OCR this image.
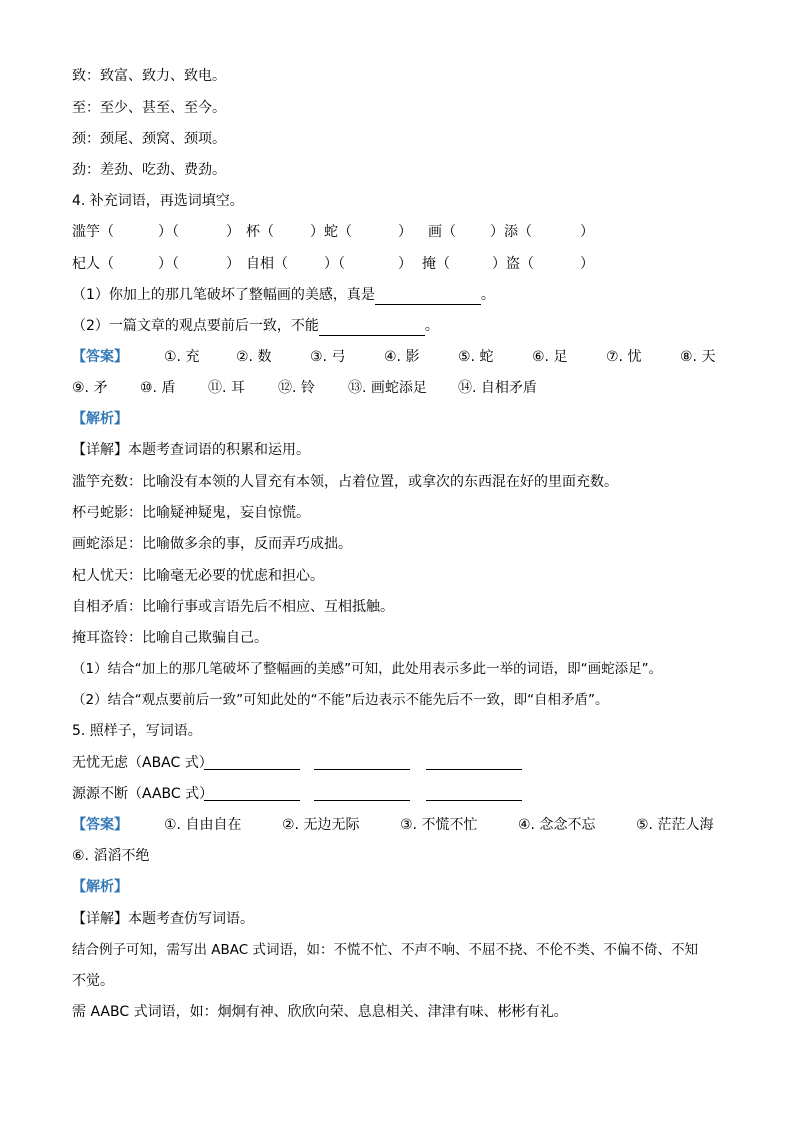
致：致富、致力、致电。
至：至少、甚至、至今。
颈：颈尾、颈窝、颈项。
劲：差劲、吃劲、费劲。
4. 补充词语，再选词填空。
滥竽（	）（	） 杯（	）蛇（	） 画（ ）添（	）
杞人（	）（	） 自相（	）（	） 掩（	）盗（	）
（1）你加上的那几笔破坏了整幅画的美感，真是	。
（2）一篇文章的观点要前后一致，不能	。
【答案】	①. 充	②. 数	③. 弓	④. 影	⑤. 蛇	⑥. 足	⑦. 忧	⑧. 天
⑨. 矛 ⑩. 盾 ⑪. 耳 ⑫. 铃 ⑬. 画蛇添足 ⑭. 自相矛盾
【解析】
【详解】本题考查词语的积累和运用。
滥竽充数：比喻没有本领的人冒充有本领，占着位置，或拿次的东西混在好的里面充数。
杯弓蛇影：比喻疑神疑鬼，妄自惊慌。
画蛇添足：比喻做多余的事，反而弄巧成拙。
杞人忧天：比喻毫无必要的忧虑和担心。
自相矛盾：比喻行事或言语先后不相应、互相抵触。
掩耳盗铃：比喻自己欺骗自己。
（1）结合“加上的那几笔破坏了整幅画的美感”可知，此处用表示多此一举的词语，即“画蛇添足”。
（2）结合“观点要前后一致”可知此处的“不能”后边表示不能先后不一致，即“自相矛盾”。
5. 照样子，写词语。
无忧无虑（ABAC 式）
源源不断（AABC 式）
【答案】	①. 自由自在	②. 无边无际	③. 不慌不忙	④. 念念不忘	⑤. 茫茫人海
⑥. 滔滔不绝
【解析】
【详解】本题考查仿写词语。
结合例子可知，需写出 ABAC 式词语，如：不慌不忙、不声不响、不屈不挠、不伦不类、不偏不倚、不知
不觉。
需 AABC 式词语，如：炯炯有神、欣欣向荣、息息相关、津津有味、彬彬有礼。
